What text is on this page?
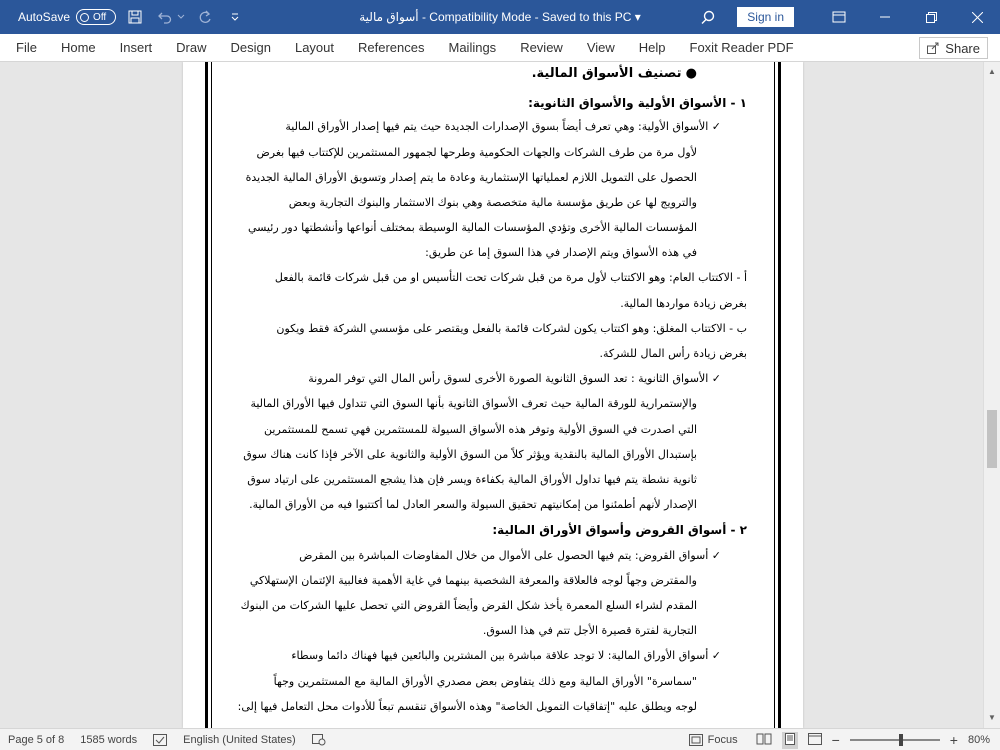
AutoSave Off	أسواق مالية - Compatibility Mode - Saved to this PC ▾	Sign in
File	Home	Insert	Draw	Design	Layout	References	Mailings	Review	View	Help	Foxit Reader PDF	Share
● تصنيف الأسواق المالية.
١ - الأسواق الأولية والأسواق الثانوية:
✓ الأسواق الأولية: وهي تعرف أيضاً بسوق الإصدارات الجديدة حيث يتم فيها إصدار الأوراق المالية
لأول مرة من طرف الشركات والجهات الحكومية وطرحها لجمهور المستثمرين للإكتتاب فيها بغرض
الحصول على التمويل اللازم لعملياتها الإستثمارية وعادة ما يتم إصدار وتسويق الأوراق المالية الجديدة
والترويج لها عن طريق مؤسسة مالية متخصصة وهي بنوك الاستثمار والبنوك التجارية وبعض
المؤسسات المالية الأخرى وتؤدي المؤسسات المالية الوسيطة بمختلف أنواعها وأنشطتها دور رئيسي
في هذه الأسواق ويتم الإصدار في هذا السوق إما عن طريق:
أ - الاكتتاب العام: وهو الاكتتاب لأول مرة من قبل شركات تحت التأسيس او من قبل شركات قائمة بالفعل
بغرض زيادة مواردها المالية.
ب - الاكتتاب المغلق: وهو اكتتاب يكون لشركات قائمة بالفعل ويقتصر على مؤسسي الشركة فقط ويكون
بغرض زيادة رأس المال للشركة.
✓ الأسواق الثانوية : تعد السوق الثانوية الصورة الأخرى لسوق رأس المال التي توفر المرونة
والإستمرارية للورقة المالية حيث تعرف الأسواق الثانوية بأنها السوق التي تتداول فيها الأوراق المالية
التي اصدرت في السوق الأولية وتوفر هذه الأسواق السيولة للمستثمرين فهي تسمح للمستثمرين
بإستبدال الأوراق المالية بالنقدية ويؤثر كلاً من السوق الأولية والثانوية على الآخر فإذا كانت هناك سوق
ثانوية نشطة يتم فيها تداول الأوراق المالية بكفاءة ويسر فإن هذا يشجع المستثمرين على ارتياد سوق
الإصدار لأنهم أطمئنوا من إمكانيتهم تحقيق السيولة والسعر العادل لما أكتتبوا فيه من الأوراق المالية.
٢ - أسواق القروض وأسواق الأوراق المالية:
✓ أسواق القروض: يتم فيها الحصول على الأموال من خلال المفاوضات المباشرة بين المقرض
والمقترض وجهاً لوجه فالعلاقة والمعرفة الشخصية بينهما في غاية الأهمية فغالبية الإئتمان الإستهلاكي
المقدم لشراء السلع المعمرة يأخذ شكل القرض وأيضاً القروض التي تحصل عليها الشركات من البنوك
التجارية لفترة قصيرة الأجل تتم في هذا السوق.
✓ أسواق الأوراق المالية: لا توجد علاقة مباشرة بين المشترين والبائعين فيها فهناك دائما وسطاء
"سماسرة" الأوراق المالية ومع ذلك يتفاوض بعض مصدري الأوراق المالية مع المستثمرين وجهاً
لوجه ويطلق عليه "إتفاقيات التمويل الخاصة" وهذه الأسواق تنقسم تبعاً للأدوات محل التعامل فيها إلى:
▲
▼
Page 5 of 8	1585 words	English (United States)	Focus	−	+ 80%
